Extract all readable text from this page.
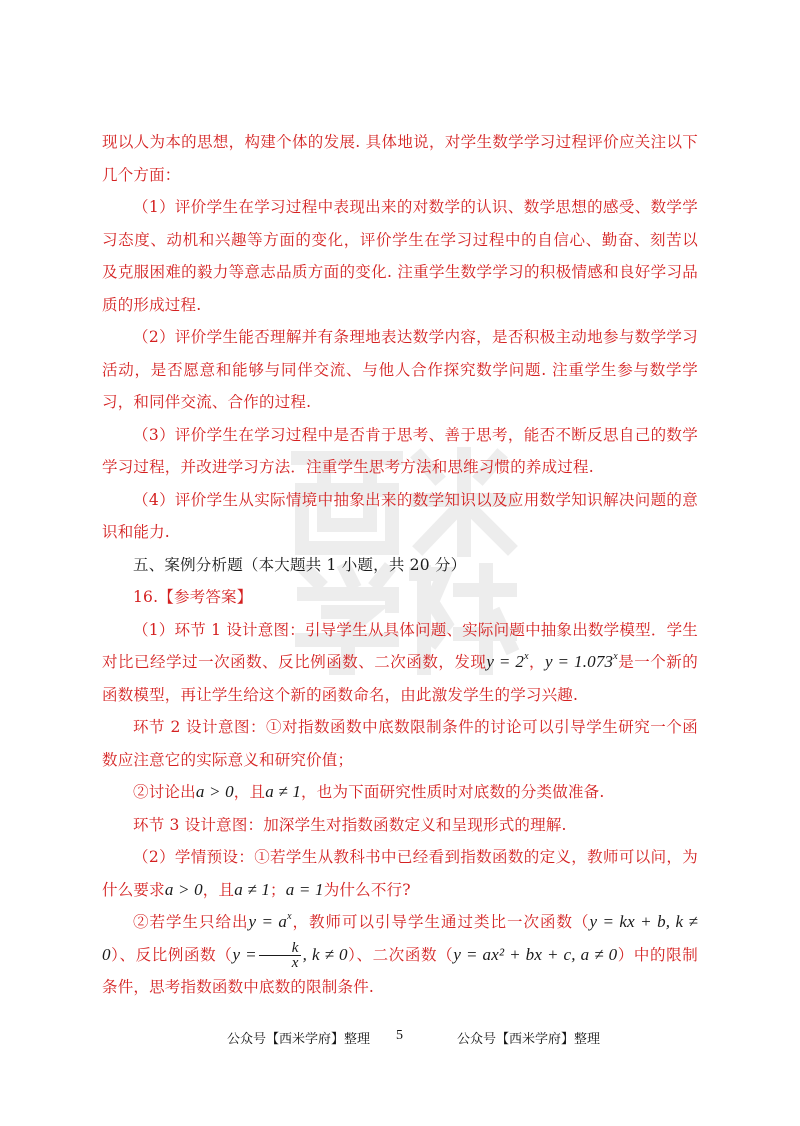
现以人为本的思想，构建个体的发展. 具体地说，对学生数学学习过程评价应关注以下几个方面：

（1）评价学生在学习过程中表现出来的对数学的认识、数学思想的感受、数学学习态度、动机和兴趣等方面的变化，评价学生在学习过程中的自信心、勤奋、刻苦以及克服困难的毅力等意志品质方面的变化. 注重学生数学学习的积极情感和良好学习品质的形成过程.

（2）评价学生能否理解并有条理地表达数学内容，是否积极主动地参与数学学习活动，是否愿意和能够与同伴交流、与他人合作探究数学问题. 注重学生参与数学学习，和同伴交流、合作的过程.

（3）评价学生在学习过程中是否肯于思考、善于思考，能否不断反思自己的数学学习过程，并改进学习方法．注重学生思考方法和思维习惯的养成过程.

（4）评价学生从实际情境中抽象出来的数学知识以及应用数学知识解决问题的意识和能力.

五、案例分析题（本大题共 1 小题，共 20 分）

16.【参考答案】

（1）环节 1 设计意图：引导学生从具体问题、实际问题中抽象出数学模型．学生对比已经学过一次函数、反比例函数、二次函数，发现$y = 2^x$，$y = 1.073^x$是一个新的函数模型，再让学生给这个新的函数命名，由此激发学生的学习兴趣.

环节 2 设计意图：①对指数函数中底数限制条件的讨论可以引导学生研究一个函数应注意它的实际意义和研究价值；

②讨论出a > 0，且a ≠ 1，也为下面研究性质时对底数的分类做准备.

环节 3 设计意图：加深学生对指数函数定义和呈现形式的理解.

（2）学情预设：①若学生从教科书中已经看到指数函数的定义，教师可以问，为什么要求a > 0，且a ≠ 1；a = 1为什么不行?

②若学生只给出$y = a^x$，教师可以引导学生通过类比一次函数（y = kx + b, k ≠ 0）、反比例函数（$y = \frac{k}{x}$ , k ≠ 0）、二次函数（y = ax² + bx + c, a ≠ 0）中的限制条件，思考指数函数中底数的限制条件.

公众号【西米学府】整理 5	公众号【西米学府】整理
